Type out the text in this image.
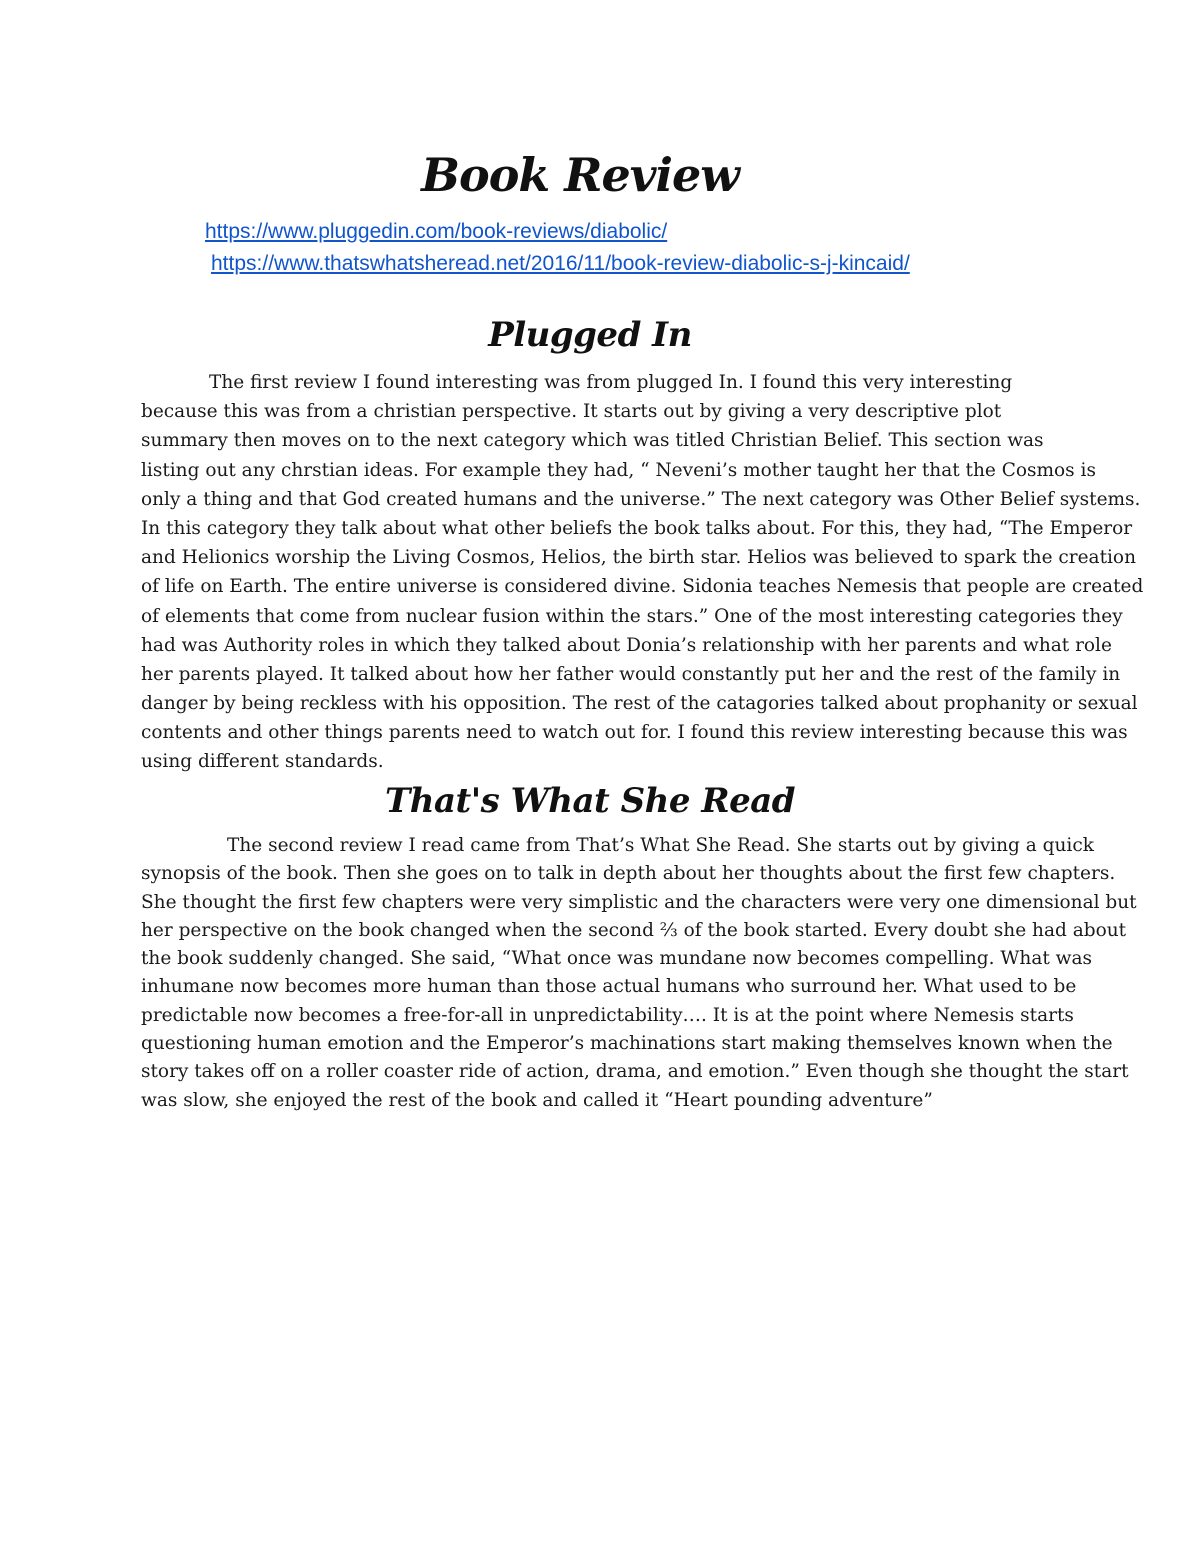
Book Review
https://www.pluggedin.com/book-reviews/diabolic/
https://www.thatswhatsheread.net/2016/11/book-review-diabolic-s-j-kincaid/
Plugged In
The first review I found interesting was from plugged In. I found this very interesting
because this was from a christian perspective. It starts out by giving a very descriptive plot
summary then moves on to the next category which was titled Christian Belief. This section was
listing out any chrstian ideas. For example they had, “ Neveni’s mother taught her that the Cosmos is
only a thing and that God created humans and the universe.” The next category was Other Belief systems.
In this category they talk about what other beliefs the book talks about. For this, they had, “The Emperor
and Helionics worship the Living Cosmos, Helios, the birth star. Helios was believed to spark the creation
of life on Earth. The entire universe is considered divine. Sidonia teaches Nemesis that people are created
of elements that come from nuclear fusion within the stars.” One of the most interesting categories they
had was Authority roles in which they talked about Donia’s relationship with her parents and what role
her parents played. It talked about how her father would constantly put her and the rest of the family in
danger by being reckless with his opposition. The rest of the catagories talked about prophanity or sexual
contents and other things parents need to watch out for. I found this review interesting because this was
using different standards.
That's What She Read
The second review I read came from That’s What She Read. She starts out by giving a quick
synopsis of the book. Then she goes on to talk in depth about her thoughts about the first few chapters.
She thought the first few chapters were very simplistic and the characters were very one dimensional but
her perspective on the book changed when the second ⅔ of the book started. Every doubt she had about
the book suddenly changed. She said, “What once was mundane now becomes compelling. What was
inhumane now becomes more human than those actual humans who surround her. What used to be
predictable now becomes a free-for-all in unpredictability…. It is at the point where Nemesis starts
questioning human emotion and the Emperor’s machinations start making themselves known when the
story takes off on a roller coaster ride of action, drama, and emotion.” Even though she thought the start
was slow, she enjoyed the rest of the book and called it “Heart pounding adventure”
